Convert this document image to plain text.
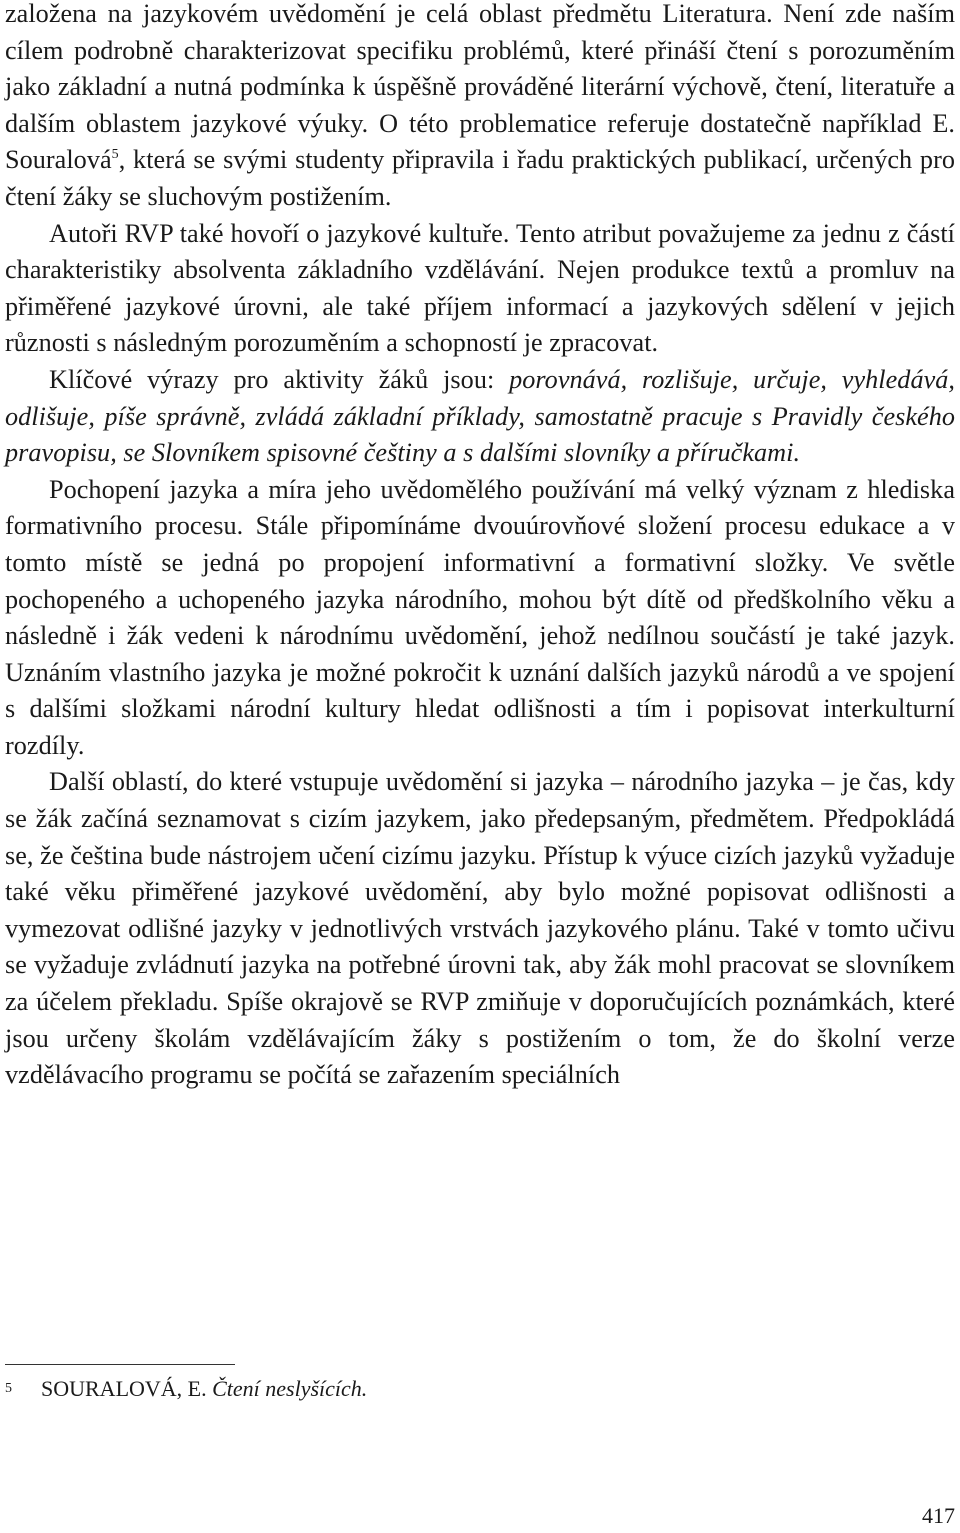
založena na jazykovém uvědomění je celá oblast předmětu Literatura. Není zde naším cílem podrobně charakterizovat specifiku problémů, které přináší čtení s porozuměním jako základní a nutná podmínka k úspěšně prováděné literární výchově, čtení, literatuře a dalším oblastem jazykové výuky. O této problematice referuje dostatečně například E. Souralová$^5$, která se svými studenty připravila i řadu praktických publikací, určených pro čtení žáky se sluchovým postižením.

Autoři RVP také hovoří o jazykové kultuře. Tento atribut považujeme za jednu z částí charakteristiky absolventa základního vzdělávání. Nejen produkce textů a promluv na přiměřené jazykové úrovni, ale také příjem informací a jazykových sdělení v jejich různosti s následným porozuměním a schopností je zpracovat.

Klíčové výrazy pro aktivity žáků jsou: porovnává, rozlišuje, určuje, vyhledává, odlišuje, píše správně, zvládá základní příklady, samostatně pracuje s Pravidly českého pravopisu, se Slovníkem spisovné češtiny a s dalšími slovníky a příručkami.

Pochopení jazyka a míra jeho uvědomělého používání má velký význam z hlediska formativního procesu. Stále připomínáme dvouúrovňové složení procesu edukace a v tomto místě se jedná po propojení informativní a formativní složky. Ve světle pochopeného a uchopeného jazyka národního, mohou být dítě od předškolního věku a následně i žák vedeni k národnímu uvědomění, jehož nedílnou součástí je také jazyk. Uznáním vlastního jazyka je možné pokročit k uznání dalších jazyků národů a ve spojení s dalšími složkami národní kultury hledat odlišnosti a tím i popisovat interkulturní rozdíly.

Další oblastí, do které vstupuje uvědomění si jazyka – národního jazyka – je čas, kdy se žák začíná seznamovat s cizím jazykem, jako předepsaným, předmětem. Předpokládá se, že čeština bude nástrojem učení cizímu jazyku. Přístup k výuce cizích jazyků vyžaduje také věku přiměřené jazykové uvědomění, aby bylo možné popisovat odlišnosti a vymezovat odlišné jazyky v jednotlivých vrstvách jazykového plánu. Také v tomto učivu se vyžaduje zvládnutí jazyka na potřebné úrovni tak, aby žák mohl pracovat se slovníkem za účelem překladu. Spíše okrajově se RVP zmiňuje v doporučujících poznámkách, které jsou určeny školám vzdělávajícím žáky s postižením o tom, že do školní verze vzdělávacího programu se počítá se zařazením speciálních

5	SOURALOVÁ, E. Čtení neslyšících.
417
